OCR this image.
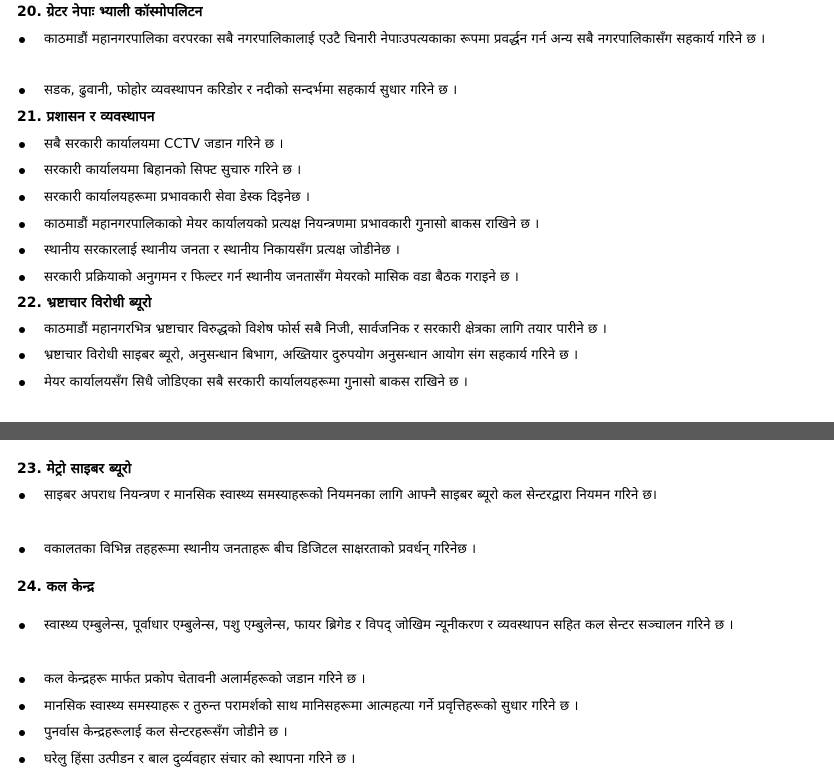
20. ग्रेटर नेपाः भ्याली कॉस्मोपलिटन
काठमाडौं महानगरपालिका वरपरका सबै नगरपालिकालाई एउटै चिनारी नेपाःउपत्यकाका रूपमा प्रवर्द्धन गर्न अन्य सबै नगरपालिकासँग सहकार्य गरिने छ ।
सडक, ढुवानी, फोहोर व्यवस्थापन करिडोर र नदीको सन्दर्भमा सहकार्य सुधार गरिने छ ।
21. प्रशासन र व्यवस्थापन
सबै सरकारी कार्यालयमा CCTV जडान गरिने छ ।
सरकारी कार्यालयमा बिहानको सिफ्ट सुचारु गरिने छ ।
सरकारी कार्यालयहरूमा प्रभावकारी सेवा डेस्क दिइनेछ ।
काठमाडौं महानगरपालिकाको मेयर कार्यालयको प्रत्यक्ष नियन्त्रणमा प्रभावकारी गुनासो बाकस राखिने छ ।
स्थानीय सरकारलाई स्थानीय जनता र स्थानीय निकायसँग प्रत्यक्ष जोडीनेछ ।
सरकारी प्रक्रियाको अनुगमन र फिल्टर गर्न स्थानीय जनतासँग मेयरको मासिक वडा बैठक गराइने छ ।
22. भ्रष्टाचार विरोधी ब्यूरो
काठमाडौं महानगरभित्र भ्रष्टाचार विरुद्धको विशेष फोर्स सबै निजी, सार्वजनिक र सरकारी क्षेत्रका लागि तयार पारीने छ ।
भ्रष्टाचार विरोधी साइबर ब्यूरो, अनुसन्धान बिभाग, अख्तियार दुरुपयोग अनुसन्धान आयोग संग सहकार्य गरिने छ ।
मेयर कार्यालयसँग सिधै जोडिएका सबै सरकारी कार्यालयहरूमा गुनासो बाकस राखिने छ ।
23. मेट्रो साइबर ब्यूरो
साइबर अपराध नियन्त्रण र मानसिक स्वास्थ्य समस्याहरूको नियमनका लागि आफ्नै साइबर ब्यूरो कल सेन्टरद्वारा नियमन गरिने छ।
वकालतका विभिन्न तहहरूमा स्थानीय जनताहरू बीच डिजिटल साक्षरताको प्रवर्धन् गरिनेछ ।
24. कल केन्द्र
स्वास्थ्य एम्बुलेन्स, पूर्वाधार एम्बुलेन्स, पशु एम्बुलेन्स, फायर ब्रिगेड र विपद् जोखिम न्यूनीकरण र व्यवस्थापन सहित कल सेन्टर सञ्चालन गरिने छ ।
कल केन्द्रहरू मार्फत प्रकोप चेतावनी अलार्महरूको जडान गरिने छ ।
मानसिक स्वास्थ्य समस्याहरू र तुरुन्त परामर्शको साथ मानिसहरूमा आत्महत्या गर्ने प्रवृत्तिहरूको सुधार गरिने छ ।
पुनर्वास केन्द्रहरूलाई कल सेन्टरहरूसँग जोडीने छ ।
घरेलु हिंसा उत्पीडन र बाल दुर्व्यवहार संचार को स्थापना गरिने छ ।
